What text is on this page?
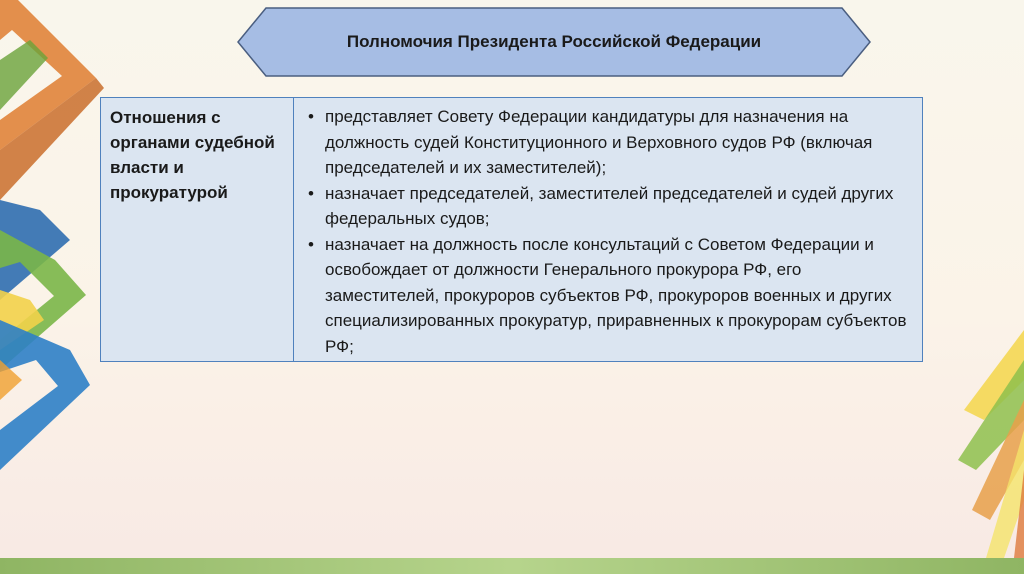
Полномочия Президента Российской Федерации
Отношения с органами судебной власти и прокуратурой
• представляет Совету Федерации кандидатуры для назначения на должность судей Конституционного и Верховного судов РФ (включая председателей и их заместителей);
• назначает председателей, заместителей председателей и судей других федеральных судов;
• назначает на должность после консультаций с Советом Федерации и освобождает от должности Генерального прокурора РФ, его заместителей, прокуроров субъектов РФ, прокуроров военных и других специализированных прокуратур, приравненных к прокурорам субъектов РФ;
